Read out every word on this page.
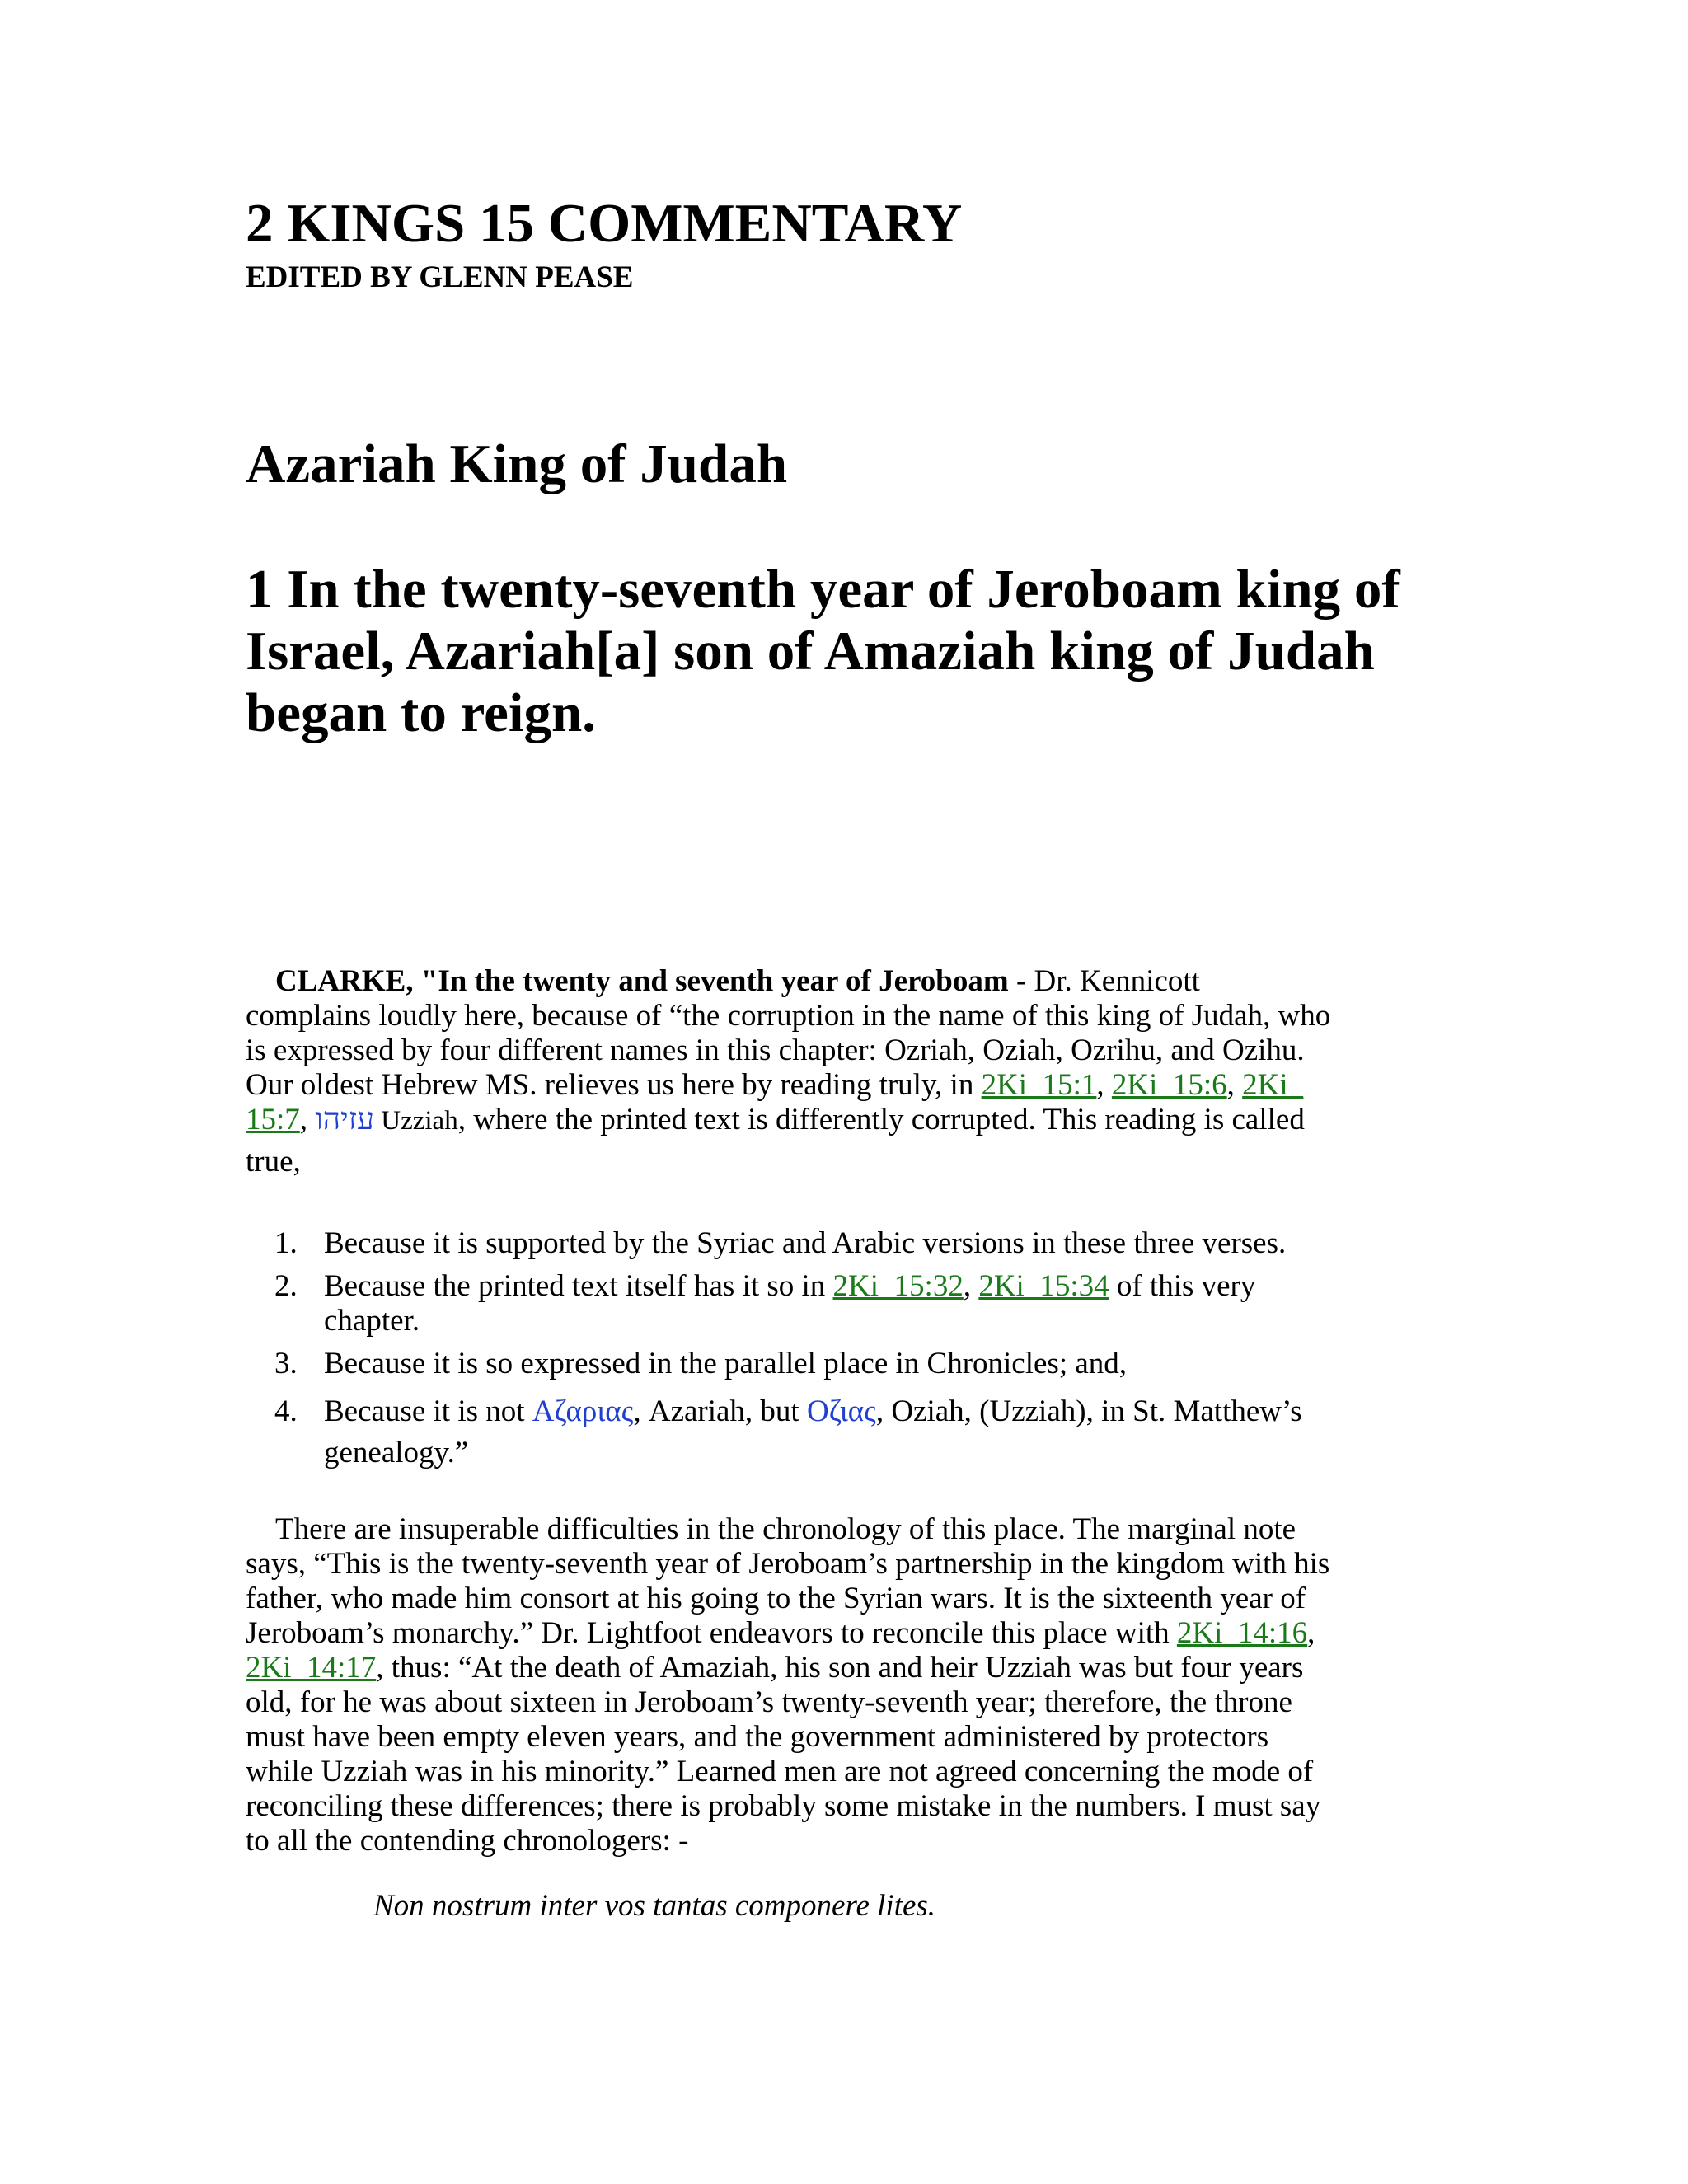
2 KINGS 15 COMMENTARY
EDITED BY GLENN PEASE
Azariah King of Judah
1 In the twenty-seventh year of Jeroboam king of
Israel, Azariah[a] son of Amaziah king of Judah
began to reign.
CLARKE, "In the twenty and seventh year of Jeroboam - Dr. Kennicott
complains loudly here, because of “the corruption in the name of this king of Judah, who
is expressed by four different names in this chapter: Ozriah, Oziah, Ozrihu, and Ozihu.
Our oldest Hebrew MS. relieves us here by reading truly, in 2Ki_15:1, 2Ki_15:6, 2Ki_
15:7, עזיהו Uzziah, where the printed text is differently corrupted. This reading is called
true,
1. Because it is supported by the Syriac and Arabic versions in these three verses.
2. Because the printed text itself has it so in 2Ki_15:32, 2Ki_15:34 of this very
chapter.
3. Because it is so expressed in the parallel place in Chronicles; and,
4. Because it is not Αζαριας, Azariah, but Οζιας, Oziah, (Uzziah), in St. Matthew’s
genealogy.”
There are insuperable difficulties in the chronology of this place. The marginal note
says, “This is the twenty-seventh year of Jeroboam’s partnership in the kingdom with his
father, who made him consort at his going to the Syrian wars. It is the sixteenth year of
Jeroboam’s monarchy.” Dr. Lightfoot endeavors to reconcile this place with 2Ki_14:16,
2Ki_14:17, thus: “At the death of Amaziah, his son and heir Uzziah was but four years
old, for he was about sixteen in Jeroboam’s twenty-seventh year; therefore, the throne
must have been empty eleven years, and the government administered by protectors
while Uzziah was in his minority.” Learned men are not agreed concerning the mode of
reconciling these differences; there is probably some mistake in the numbers. I must say
to all the contending chronologers: -
Non nostrum inter vos tantas componere lites.
